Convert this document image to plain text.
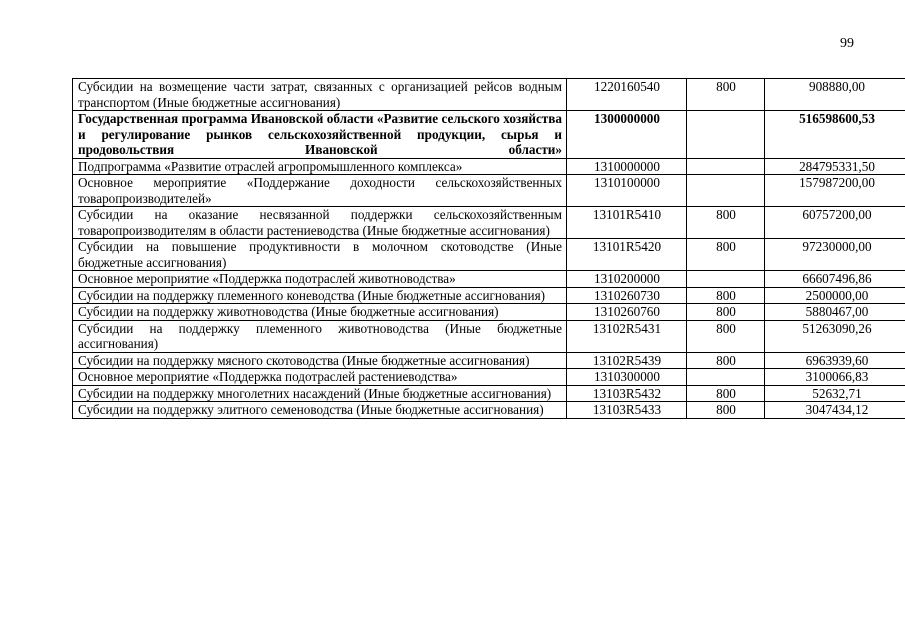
99
Субсидии на возмещение части затрат, связанных с организацией рейсов водным транспортом (Иные бюджетные ассигнования)	1220160540	800	908880,00
Государственная программа Ивановской области «Развитие сельского хозяйства и регулирование рынков сельскохозяйственной продукции, сырья и продовольствия Ивановской области»	1300000000		516598600,53
Подпрограмма «Развитие отраслей агропромышленного комплекса»	1310000000		284795331,50
Основное мероприятие «Поддержание доходности сельскохозяйственных товаропроизводителей»	1310100000		157987200,00
Субсидии на оказание несвязанной поддержки сельскохозяйственным товаропроизводителям в области растениеводства (Иные бюджетные ассигнования)	13101R5410	800	60757200,00
Субсидии на повышение продуктивности в молочном скотоводстве (Иные бюджетные ассигнования)	13101R5420	800	97230000,00
Основное мероприятие «Поддержка подотраслей животноводства»	1310200000		66607496,86
Субсидии на поддержку племенного коневодства (Иные бюджетные ассигнования)	1310260730	800	2500000,00
Субсидии на поддержку животноводства (Иные бюджетные ассигнования)	1310260760	800	5880467,00
Субсидии на поддержку племенного животноводства (Иные бюджетные ассигнования)	13102R5431	800	51263090,26
Субсидии на поддержку мясного скотоводства (Иные бюджетные ассигнования)	13102R5439	800	6963939,60
Основное мероприятие «Поддержка подотраслей растениеводства»	1310300000		3100066,83
Субсидии на поддержку многолетних насаждений (Иные бюджетные ассигнования)	13103R5432	800	52632,71
Субсидии на поддержку элитного семеноводства (Иные бюджетные ассигнования)	13103R5433	800	3047434,12
